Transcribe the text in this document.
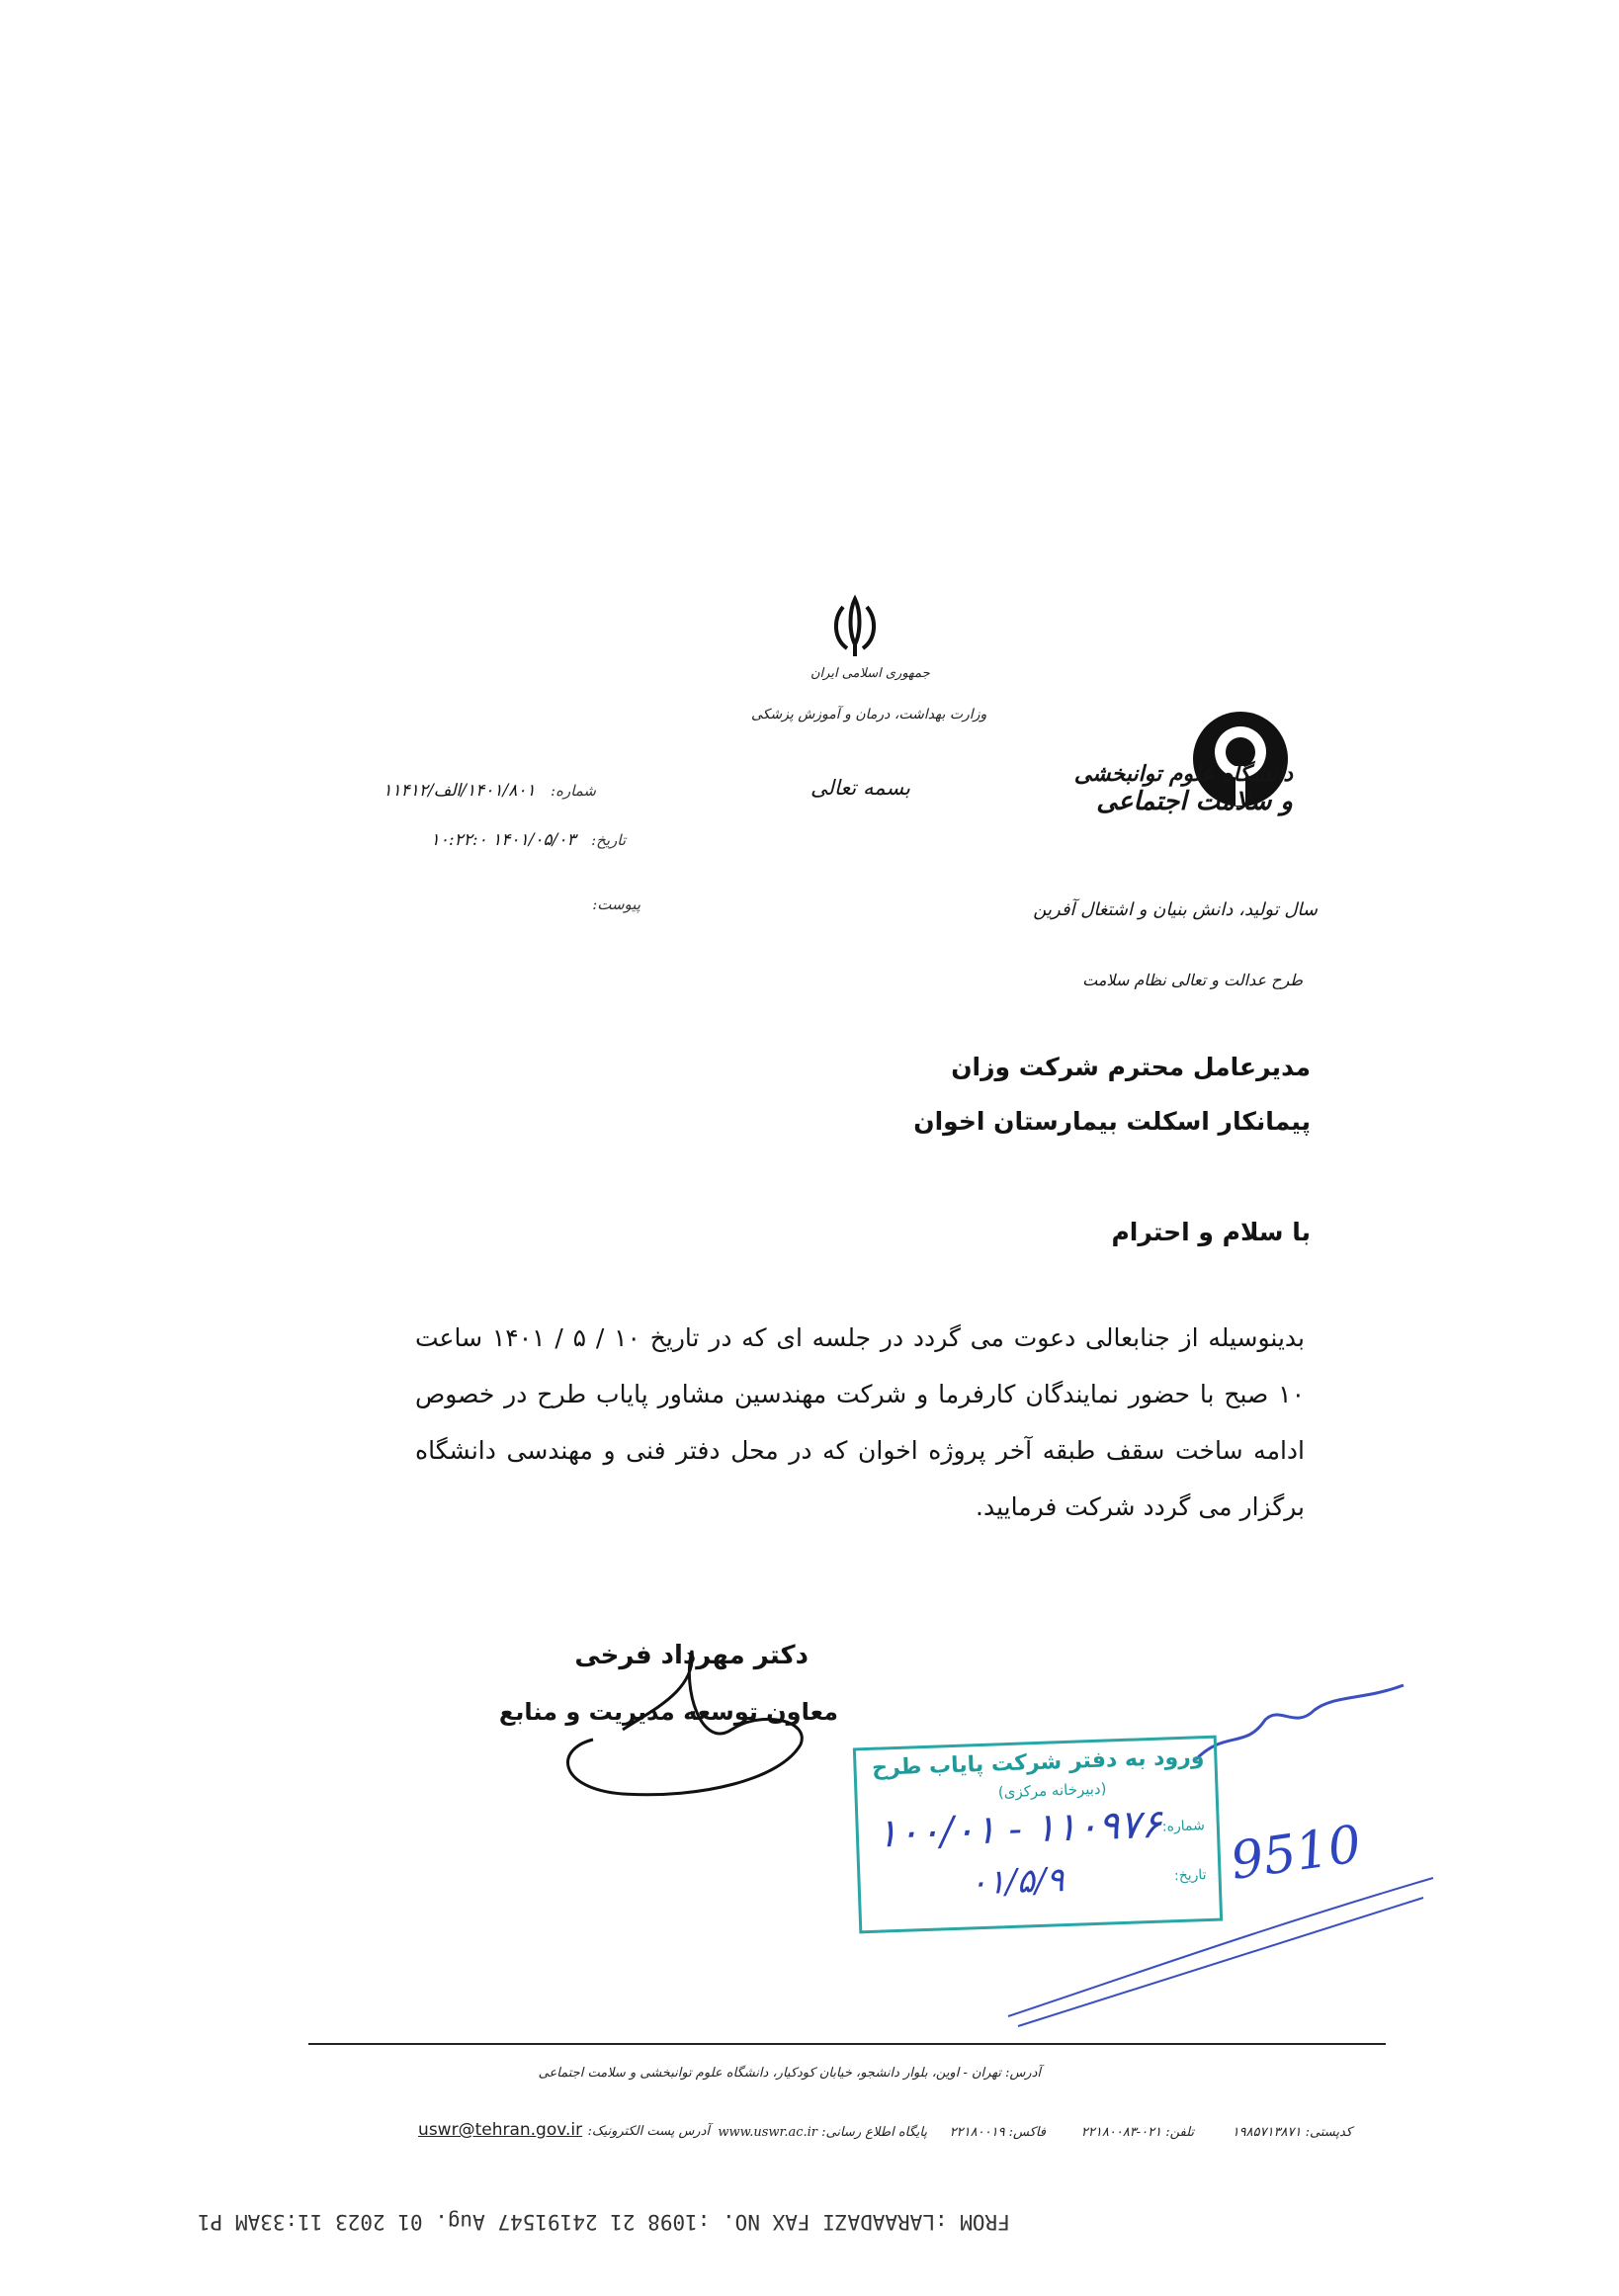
جمهوری اسلامی ایران
وزارت بهداشت، درمان و آموزش پزشکی
بسمه تعالی
دانشگاه علوم توانبخشی
و سلامت اجتماعی
شماره: ۱۴۰۱/۸۰۱/الف/۱۱۴۱۲
تاریخ: ۱۴۰۱/۰۵/۰۳ ۱۰:۲۲:۰
پیوست:	سال تولید، دانش بنیان و اشتغال آفرین
طرح عدالت و تعالی نظام سلامت
مدیرعامل محترم شرکت وزان
پیمانکار اسکلت بیمارستان اخوان
با سلام و احترام

بدینوسیله از جنابعالی دعوت می گردد در جلسه ای که در تاریخ ۱۰ / ۵ / ۱۴۰۱ ساعت ۱۰ صبح با حضور نمایندگان کارفرما و شرکت مهندسین مشاور پایاب طرح در خصوص ادامه ساخت سقف طبقه آخر پروژه اخوان که در محل دفتر فنی و مهندسی دانشگاه برگزار می گردد شرکت فرمایید.

دکتر مهرداد فرخی
معاون توسعه مدیریت و منابع
9510
ورود به دفتر شرکت پایاب طرح
(دبیرخانه مرکزی)
شماره:
تاریخ:
۱۰۰/۰۱ - ۱۱۰۹۷۶
۰۱/۵/۹
آدرس: تهران - اوین، بلوار دانشجو، خیابان کودکیار، دانشگاه علوم توانبخشی و سلامت اجتماعی
کدپستی: ۱۹۸۵۷۱۳۸۷۱
تلفن: ۰۲۱-۲۲۱۸۰۰۸۳
فاکس: ۲۲۱۸۰۰۱۹
پایگاه اطلاع رسانی: www.uswr.ac.ir
آدرس پست الکترونیک: uswr@tehran.gov.ir
FROM :LARAADAZI FAX NO. :1098 21 24191547 Aug. 01 2023 11:33AM P1
